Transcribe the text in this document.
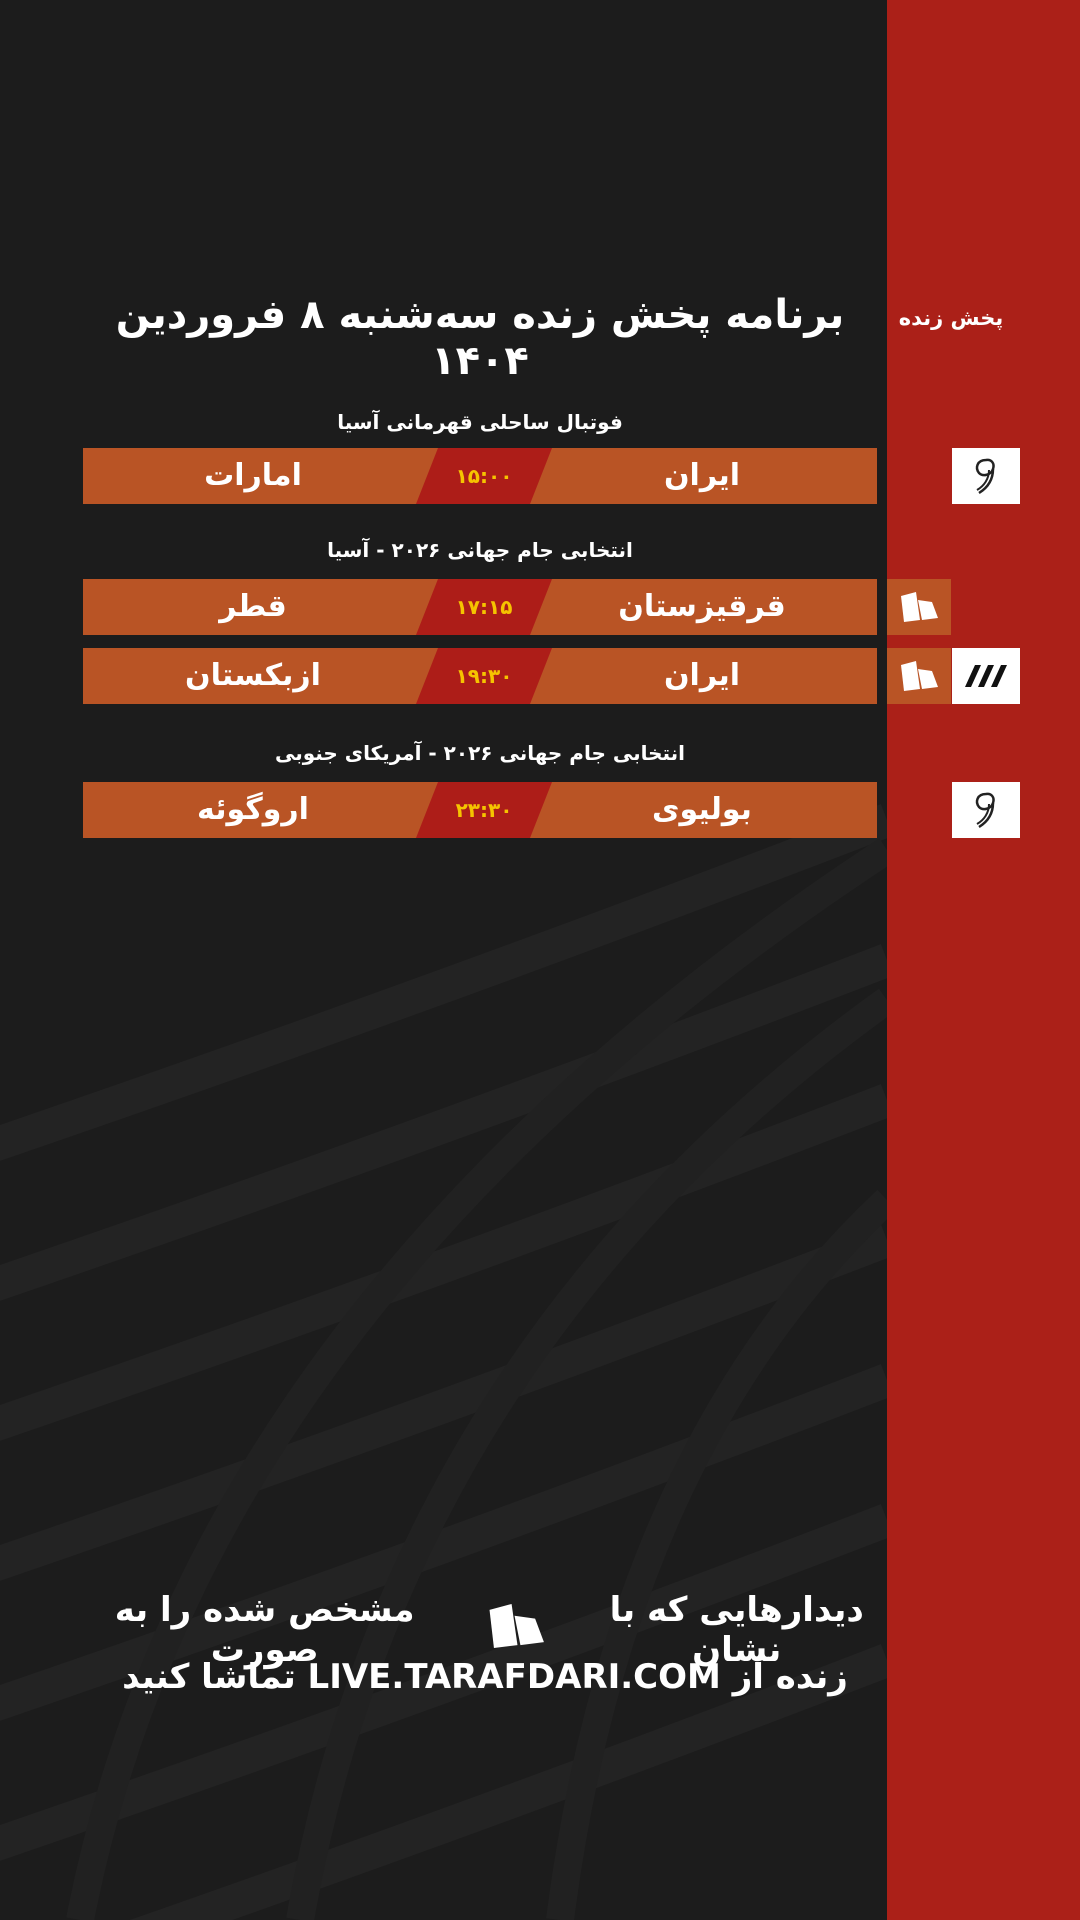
پخش زنده
برنامه پخش زنده سه‌شنبه ۸ فروردین ۱۴۰۴
فوتبال ساحلی قهرمانی آسیا
امارات	۱۵:۰۰	ایران
انتخابی جام جهانی ۲۰۲۶ - آسیا
قطر	۱۷:۱۵	قرقیزستان
ازبکستان	۱۹:۳۰	ایران
انتخابی جام جهانی ۲۰۲۶ - آمریکای جنوبی
اروگوئه	۲۳:۳۰	بولیوی
دیدارهایی که با نشان
مشخص شده را به صورت
زنده از LIVE.TARAFDARI.COM تماشا کنید
